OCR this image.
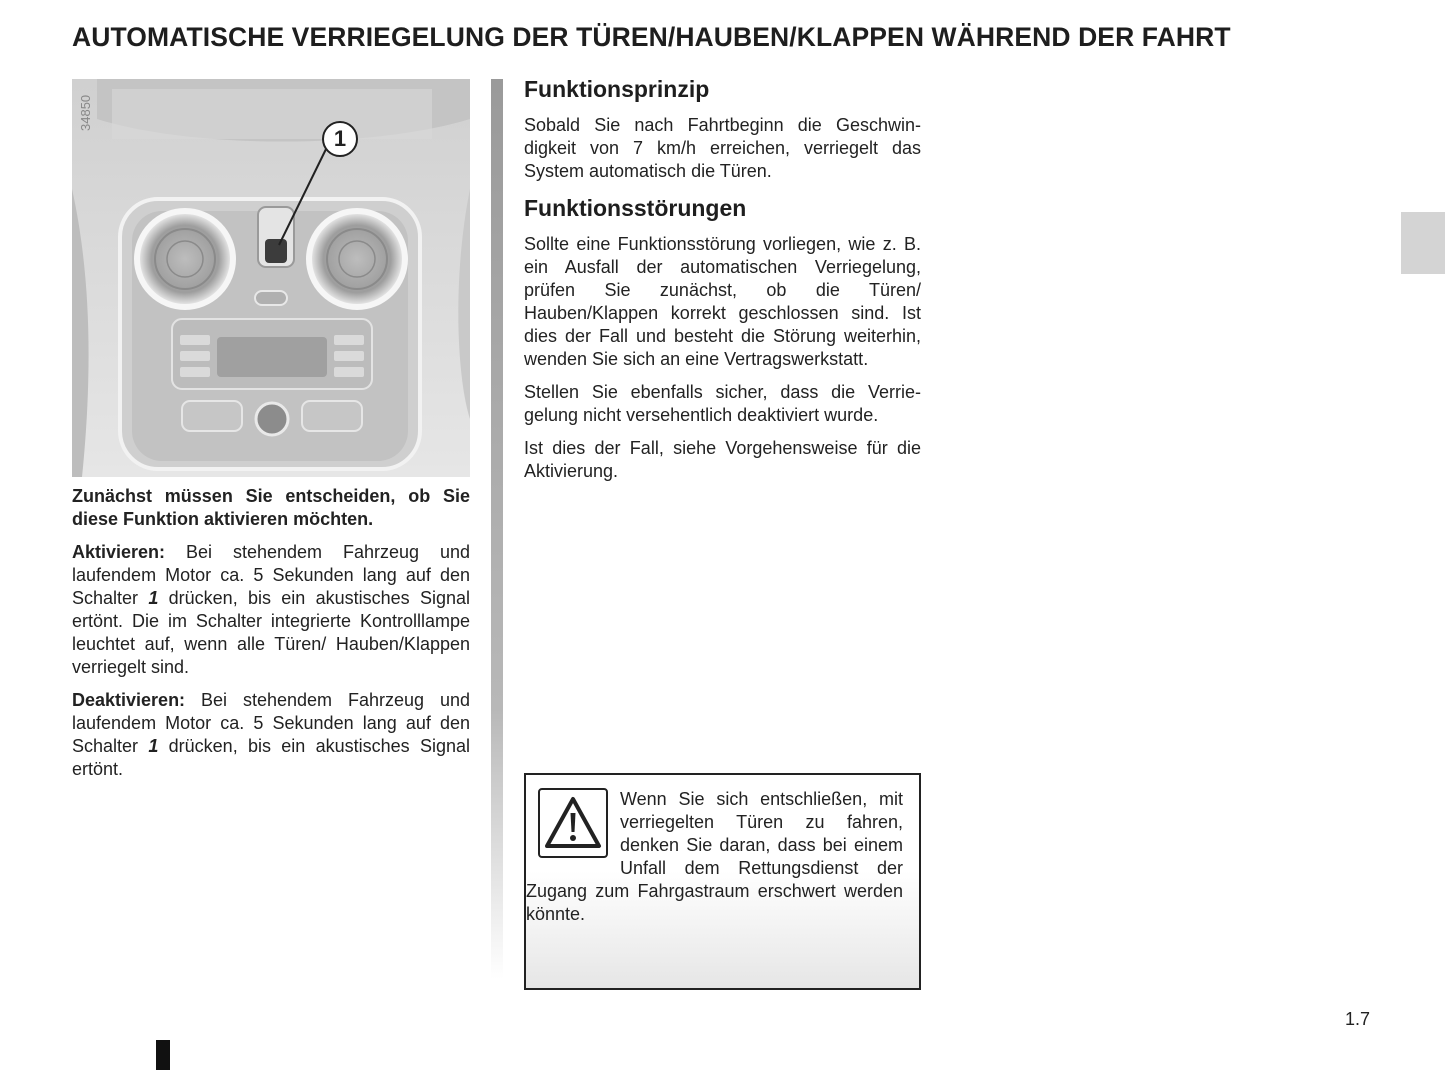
AUTOMATISCHE VERRIEGELUNG DER TÜREN/HAUBEN/KLAPPEN WÄHREND DER FAHRT
34850
1

Zunächst müssen Sie entscheiden, ob Sie diese Funktion aktivieren möchten.

Aktivieren: Bei stehendem Fahrzeug und laufendem Motor ca. 5 Sekunden lang auf den Schalter 1 drücken, bis ein akustisches Signal ertönt. Die im Schalter integrierte Kontrolllampe leuchtet auf, wenn alle Türen/ Hauben/Klappen verriegelt sind.

Deaktivieren: Bei stehendem Fahrzeug und laufendem Motor ca. 5 Sekunden lang auf den Schalter 1 drücken, bis ein akustisches Signal ertönt.

Funktionsprinzip

Sobald Sie nach Fahrtbeginn die Geschwindigkeit von 7 km/h erreichen, verriegelt das System automatisch die Türen.

Funktionsstörungen

Sollte eine Funktionsstörung vorliegen, wie z. B. ein Ausfall der automatischen Verriegelung, prüfen Sie zunächst, ob die Türen/ Hauben/Klappen korrekt geschlossen sind. Ist dies der Fall und besteht die Störung weiterhin, wenden Sie sich an eine Vertragswerkstatt.

Stellen Sie ebenfalls sicher, dass die Verriegelung nicht versehentlich deaktiviert wurde.

Ist dies der Fall, siehe Vorgehensweise für die Aktivierung.

Wenn Sie sich entschließen, mit verriegelten Türen zu fahren, denken Sie daran, dass bei einem Unfall dem Rettungsdienst der Zugang zum Fahrgastraum erschwert werden könnte.
1.7
